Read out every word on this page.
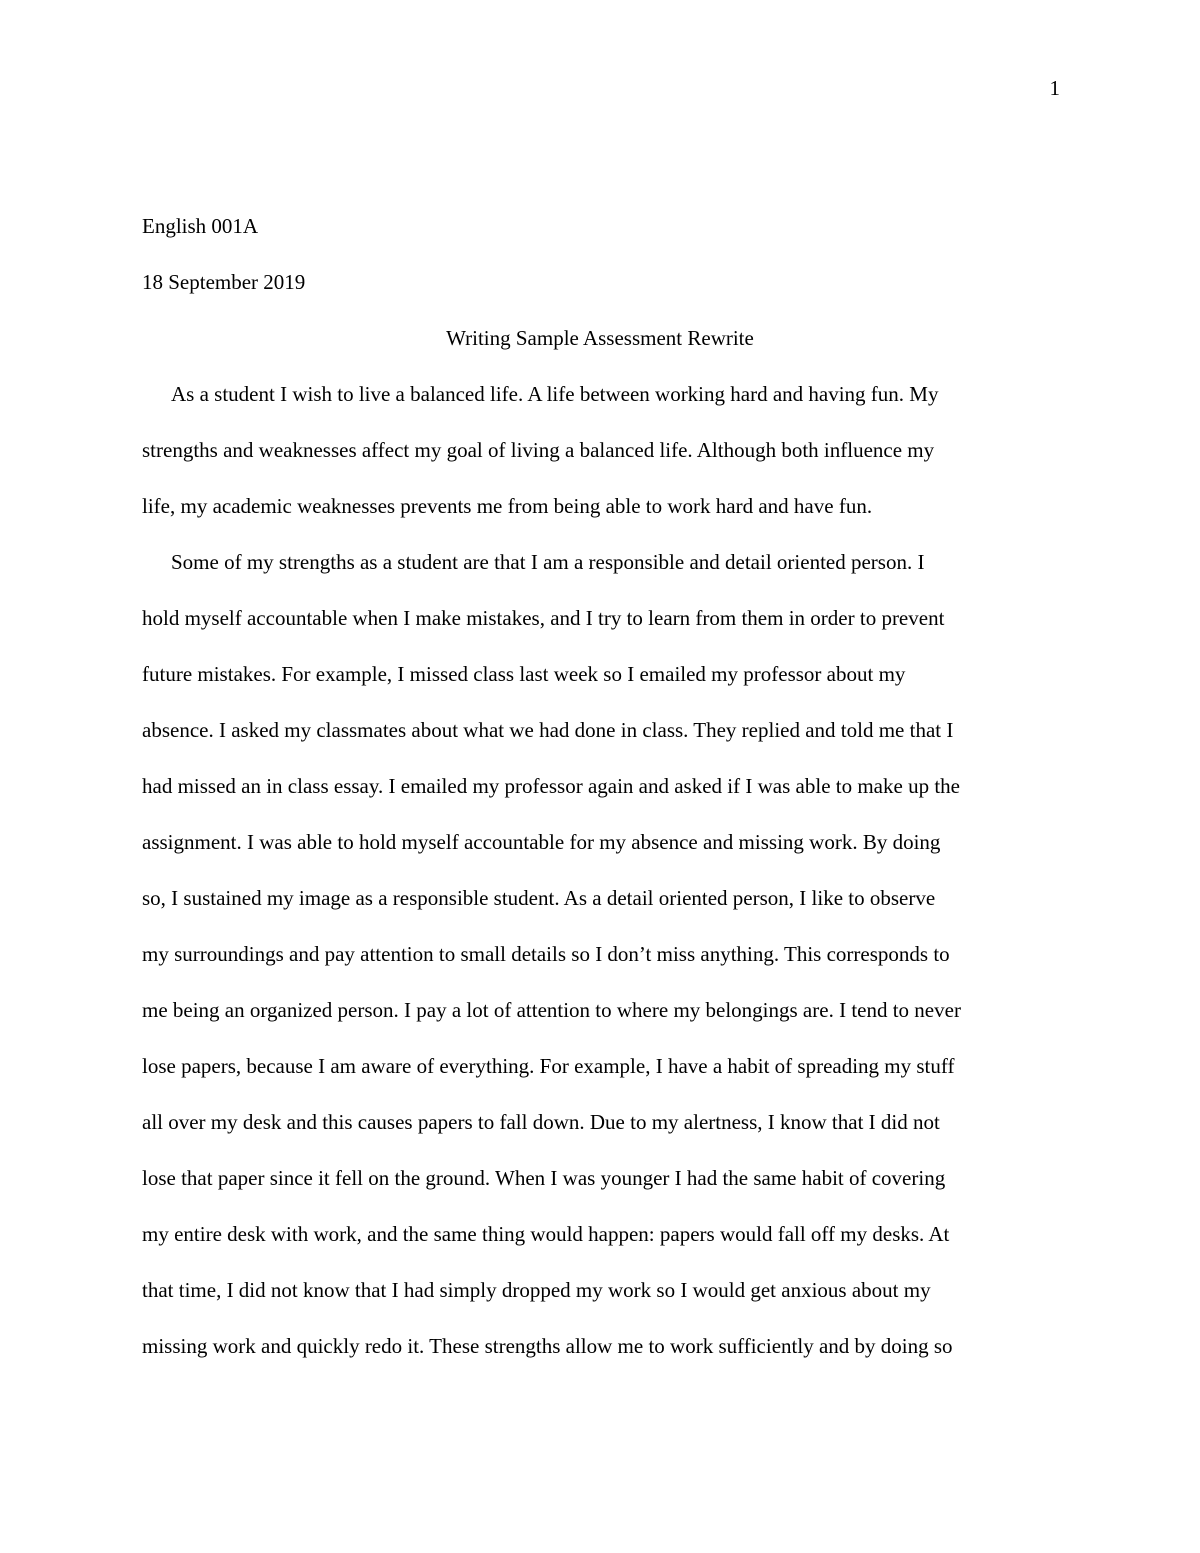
1

English 001A

18 September 2019

Writing Sample Assessment Rewrite

As a student I wish to live a balanced life. A life between working hard and having fun. My

strengths and weaknesses affect my goal of living a balanced life. Although both influence my

life, my academic weaknesses prevents me from being able to work hard and have fun.

Some of my strengths as a student are that I am a responsible and detail oriented person. I

hold myself accountable when I make mistakes, and I try to learn from them in order to prevent

future mistakes. For example, I missed class last week so I emailed my professor about my

absence. I asked my classmates about what we had done in class. They replied and told me that I

had missed an in class essay. I emailed my professor again and asked if I was able to make up the

assignment. I was able to hold myself accountable for my absence and missing work. By doing

so, I sustained my image as a responsible student. As a detail oriented person, I like to observe

my surroundings and pay attention to small details so I don’t miss anything. This corresponds to

me being an organized person. I pay a lot of attention to where my belongings are. I tend to never

lose papers, because I am aware of everything. For example, I have a habit of spreading my stuff

all over my desk and this causes papers to fall down. Due to my alertness, I know that I did not

lose that paper since it fell on the ground. When I was younger I had the same habit of covering

my entire desk with work, and the same thing would happen: papers would fall off my desks. At

that time, I did not know that I had simply dropped my work so I would get anxious about my

missing work and quickly redo it. These strengths allow me to work sufficiently and by doing so
